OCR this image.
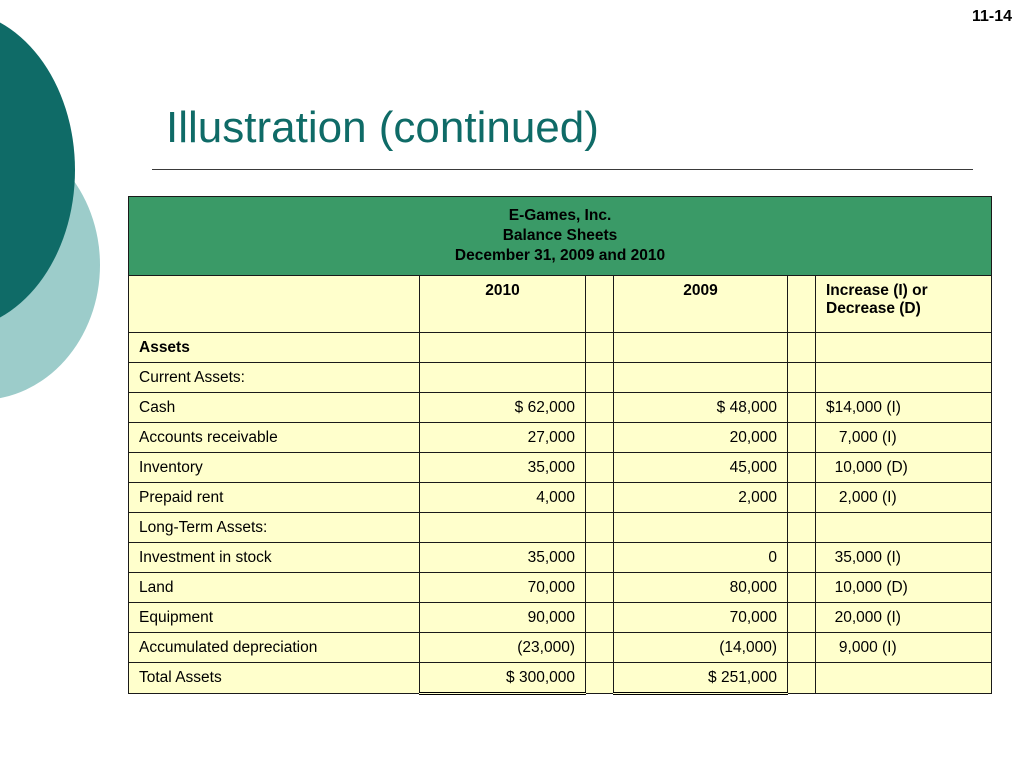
11-14
Illustration (continued)
E-Games, Inc.
Balance Sheets
December 31, 2009 and 2010					

	2010		2009		Increase (I) or
Decrease (D)

Assets					
Current Assets:					
Cash	$ 62,000		$ 48,000		$14,000 (I)
Accounts receivable	27,000		20,000		7,000 (I)
Inventory	35,000		45,000		10,000 (D)
Prepaid rent	4,000		2,000		2,000 (I)
Long-Term Assets:					
Investment in stock	35,000		0		35,000 (I)
Land	70,000		80,000		10,000 (D)
Equipment	90,000		70,000		20,000 (I)
Accumulated depreciation	(23,000)		(14,000)		9,000 (I)
Total Assets	$ 300,000		$ 251,000		
